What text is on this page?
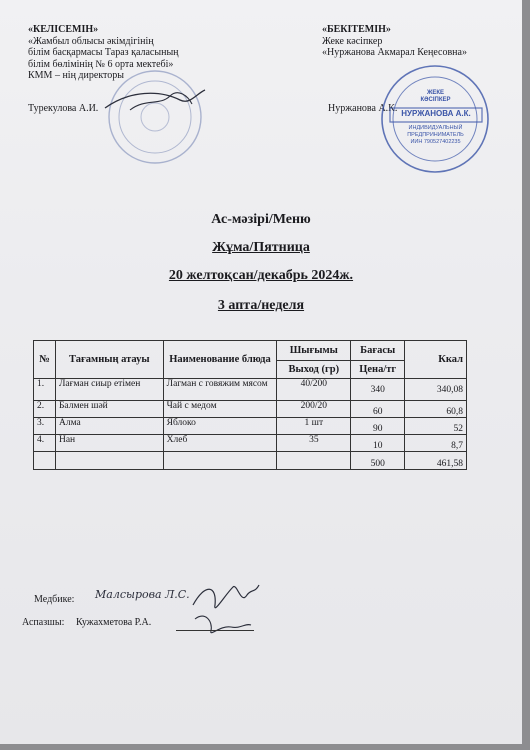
«КЕЛІСЕМІН»
«Жамбыл облысы әкімдігінің
білім басқармасы Тараз қаласының
білім бөлімінің № 6 орта мектебі»
КММ – нің директоры
Турекулова А.И.
«БЕКІТЕМІН»
Жеке кәсіпкер
«Нуржанова Акмарал Кеңесовна»
Нуржанова А.К.
ЖЕКЕ
КӘСІПКЕР
НУРЖАНОВА А.К.
ИНДИВИДУАЛЬНЫЙ
ПРЕДПРИНИМАТЕЛЬ
ИИН 790527402235
Ас-мәзірі/Меню
Жұма/Пятница
20 желтоқсан/декабрь 2024ж.
3 апта/неделя
№	Тағамның атауы	Наименование блюда	Шығымы	Бағасы	Ккал
			Выход (гр)	Цена/тг	
1.	Лағман сиыр етімен	Лагман с говяжим мясом	40/200	340	340,08
2.	Балмен шәй	Чай с медом	200/20	60	60,8
3.	Алма	Яблоко	1 шт	90	52
4.	Нан	Хлеб	35	10	8,7
				500	461,58
Медбике: Малсырова Л.С.
Аспазшы: Кужахметова Р.А.
